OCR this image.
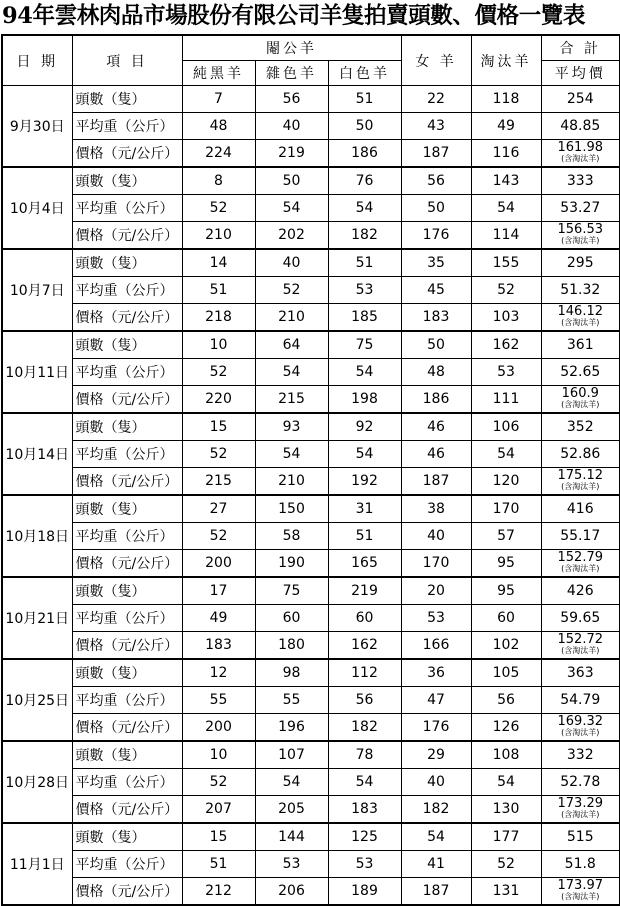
94年雲林肉品市場股份有限公司羊隻拍賣頭數、價格一覽表
日 期	項 目	閹公羊			女 羊	淘汰羊	合 計
		純黑羊	雜色羊	白色羊			平均價
9月30日	頭數（隻）	7	56	51	22	118	254
	平均重（公斤）	48	40	50	43	49	48.85
	價格（元/公斤）	224	219	186	187	116	161.98
(含淘汰羊)

10月4日	頭數（隻）	8	50	76	56	143	333
	平均重（公斤）	52	54	54	50	54	53.27
	價格（元/公斤）	210	202	182	176	114	156.53
(含淘汰羊)

10月7日	頭數（隻）	14	40	51	35	155	295
	平均重（公斤）	51	52	53	45	52	51.32
	價格（元/公斤）	218	210	185	183	103	146.12
(含淘汰羊)

10月11日	頭數（隻）	10	64	75	50	162	361
	平均重（公斤）	52	54	54	48	53	52.65
	價格（元/公斤）	220	215	198	186	111	160.9
(含淘汰羊)

10月14日	頭數（隻）	15	93	92	46	106	352
	平均重（公斤）	52	54	54	46	54	52.86
	價格（元/公斤）	215	210	192	187	120	175.12
(含淘汰羊)

10月18日	頭數（隻）	27	150	31	38	170	416
	平均重（公斤）	52	58	51	40	57	55.17
	價格（元/公斤）	200	190	165	170	95	152.79
(含淘汰羊)

10月21日	頭數（隻）	17	75	219	20	95	426
	平均重（公斤）	49	60	60	53	60	59.65
	價格（元/公斤）	183	180	162	166	102	152.72
(含淘汰羊)

10月25日	頭數（隻）	12	98	112	36	105	363
	平均重（公斤）	55	55	56	47	56	54.79
	價格（元/公斤）	200	196	182	176	126	169.32
(含淘汰羊)

10月28日	頭數（隻）	10	107	78	29	108	332
	平均重（公斤）	52	54	54	40	54	52.78
	價格（元/公斤）	207	205	183	182	130	173.29
(含淘汰羊)

11月1日	頭數（隻）	15	144	125	54	177	515
	平均重（公斤）	51	53	53	41	52	51.8
	價格（元/公斤）	212	206	189	187	131	173.97
(含淘汰羊)
